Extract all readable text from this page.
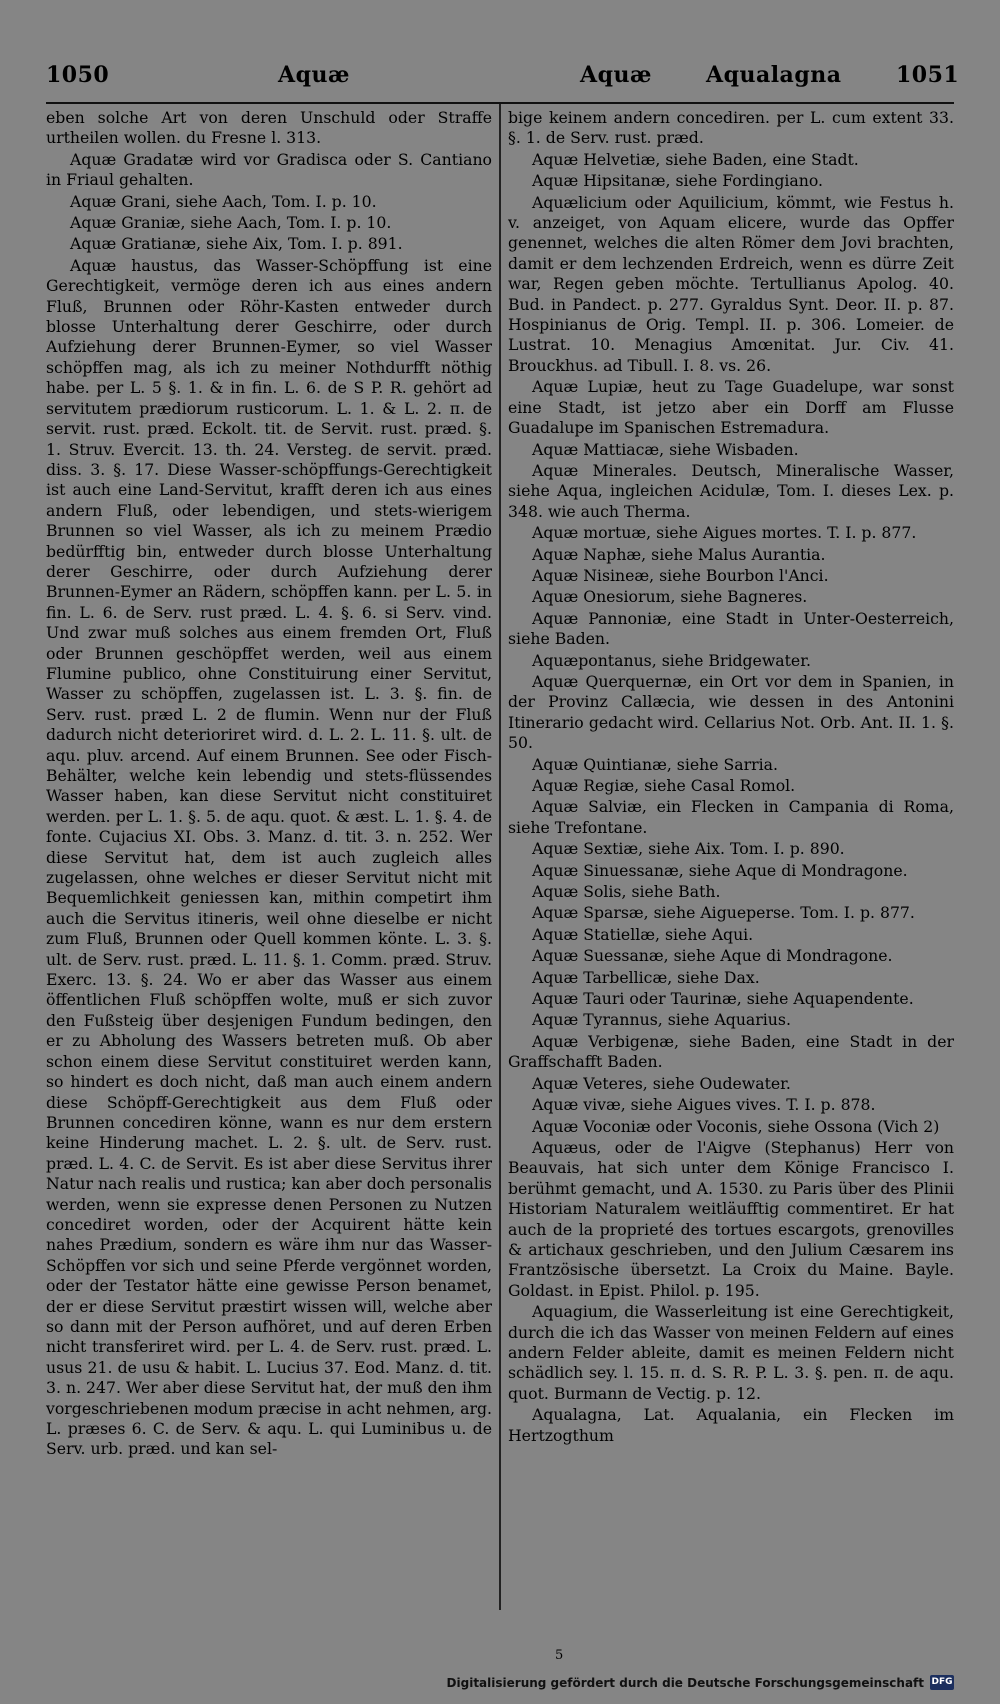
1050	Aquæ	Aquæ Aqualagna 1051

eben solche Art von deren Unschuld oder Straffe urtheilen wollen. du Fresne l. 313.

Aquæ Gradatæ wird vor Gradisca oder S. Cantiano in Friaul gehalten.

Aquæ Grani, siehe Aach, Tom. I. p. 10.

Aquæ Graniæ, siehe Aach, Tom. I. p. 10.

Aquæ Gratianæ, siehe Aix, Tom. I. p. 891.

Aquæ haustus, das Wasser-Schöpffung ist eine Gerechtigkeit, vermöge deren ich aus eines andern Fluß, Brunnen oder Röhr-Kasten entweder durch blosse Unterhaltung derer Geschirre, oder durch Aufziehung derer Brunnen-Eymer, so viel Wasser schöpffen mag, als ich zu meiner Nothdurfft nöthig habe. per L. 5 §. 1. & in fin. L. 6. de S P. R. gehört ad servitutem prædiorum rusticorum. L. 1. & L. 2. π. de servit. rust. præd. Eckolt. tit. de Servit. rust. præd. §. 1. Struv. Evercit. 13. th. 24. Versteg. de servit. præd. diss. 3. §. 17. Diese Wasser-schöpffungs-Gerechtigkeit ist auch eine Land-Servitut, krafft deren ich aus eines andern Fluß, oder lebendigen, und stets-wierigem Brunnen so viel Wasser, als ich zu meinem Prædio bedürfftig bin, entweder durch blosse Unterhaltung derer Geschirre, oder durch Aufziehung derer Brunnen-Eymer an Rädern, schöpffen kann. per L. 5. in fin. L. 6. de Serv. rust præd. L. 4. §. 6. si Serv. vind. Und zwar muß solches aus einem fremden Ort, Fluß oder Brunnen geschöpffet werden, weil aus einem Flumine publico, ohne Constituirung einer Servitut, Wasser zu schöpffen, zugelassen ist. L. 3. §. fin. de Serv. rust. præd L. 2 de flumin. Wenn nur der Fluß dadurch nicht deterioriret wird. d. L. 2. L. 11. §. ult. de aqu. pluv. arcend. Auf einem Brunnen. See oder Fisch-Behälter, welche kein lebendig und stets-flüssendes Wasser haben, kan diese Servitut nicht constituiret werden. per L. 1. §. 5. de aqu. quot. & æst. L. 1. §. 4. de fonte. Cujacius XI. Obs. 3. Manz. d. tit. 3. n. 252. Wer diese Servitut hat, dem ist auch zugleich alles zugelassen, ohne welches er dieser Servitut nicht mit Bequemlichkeit geniessen kan, mithin competirt ihm auch die Servitus itineris, weil ohne dieselbe er nicht zum Fluß, Brunnen oder Quell kommen könte. L. 3. §. ult. de Serv. rust. præd. L. 11. §. 1. Comm. præd. Struv. Exerc. 13. §. 24. Wo er aber das Wasser aus einem öffentlichen Fluß schöpffen wolte, muß er sich zuvor den Fußsteig über desjenigen Fundum bedingen, den er zu Abholung des Wassers betreten muß. Ob aber schon einem diese Servitut constituiret werden kann, so hindert es doch nicht, daß man auch einem andern diese Schöpff-Gerechtigkeit aus dem Fluß oder Brunnen concediren könne, wann es nur dem erstern keine Hinderung machet. L. 2. §. ult. de Serv. rust. præd. L. 4. C. de Servit. Es ist aber diese Servitus ihrer Natur nach realis und rustica; kan aber doch personalis werden, wenn sie expresse denen Personen zu Nutzen concediret worden, oder der Acquirent hätte kein nahes Prædium, sondern es wäre ihm nur das Wasser-Schöpffen vor sich und seine Pferde vergönnet worden, oder der Testator hätte eine gewisse Person benamet, der er diese Servitut præstirt wissen will, welche aber so dann mit der Person aufhöret, und auf deren Erben nicht transferiret wird. per L. 4. de Serv. rust. præd. L. usus 21. de usu & habit. L. Lucius 37. Eod. Manz. d. tit. 3. n. 247. Wer aber diese Servitut hat, der muß den ihm vorgeschriebenen modum præcise in acht nehmen, arg. L. præses 6. C. de Serv. & aqu. L. qui Luminibus u. de Serv. urb. præd. und kan sel-

bige keinem andern concediren. per L. cum extent 33. §. 1. de Serv. rust. præd.

Aquæ Helvetiæ, siehe Baden, eine Stadt.

Aquæ Hipsitanæ, siehe Fordingiano.

Aquælicium oder Aquilicium, kömmt, wie Festus h. v. anzeiget, von Aquam elicere, wurde das Opffer genennet, welches die alten Römer dem Jovi brachten, damit er dem lechzenden Erdreich, wenn es dürre Zeit war, Regen geben möchte. Tertullianus Apolog. 40. Bud. in Pandect. p. 277. Gyraldus Synt. Deor. II. p. 87. Hospinianus de Orig. Templ. II. p. 306. Lomeier. de Lustrat. 10. Menagius Amœnitat. Jur. Civ. 41. Brouckhus. ad Tibull. I. 8. vs. 26.

Aquæ Lupiæ, heut zu Tage Guadelupe, war sonst eine Stadt, ist jetzo aber ein Dorff am Flusse Guadalupe im Spanischen Estremadura.

Aquæ Mattiacæ, siehe Wisbaden.

Aquæ Minerales. Deutsch, Mineralische Wasser, siehe Aqua, ingleichen Acidulæ, Tom. I. dieses Lex. p. 348. wie auch Therma.

Aquæ mortuæ, siehe Aigues mortes. T. I. p. 877.

Aquæ Naphæ, siehe Malus Aurantia.

Aquæ Nisineæ, siehe Bourbon l'Anci.

Aquæ Onesiorum, siehe Bagneres.

Aquæ Pannoniæ, eine Stadt in Unter-Oesterreich, siehe Baden.

Aquæpontanus, siehe Bridgewater.

Aquæ Querquernæ, ein Ort vor dem in Spanien, in der Provinz Callæcia, wie dessen in des Antonini Itinerario gedacht wird. Cellarius Not. Orb. Ant. II. 1. §. 50.

Aquæ Quintianæ, siehe Sarria.

Aquæ Regiæ, siehe Casal Romol.

Aquæ Salviæ, ein Flecken in Campania di Roma, siehe Trefontane.

Aquæ Sextiæ, siehe Aix. Tom. I. p. 890.

Aquæ Sinuessanæ, siehe Aque di Mondragone.

Aquæ Solis, siehe Bath.

Aquæ Sparsæ, siehe Aigueperse. Tom. I. p. 877.

Aquæ Statiellæ, siehe Aqui.

Aquæ Suessanæ, siehe Aque di Mondragone.

Aquæ Tarbellicæ, siehe Dax.

Aquæ Tauri oder Taurinæ, siehe Aquapendente.

Aquæ Tyrannus, siehe Aquarius.

Aquæ Verbigenæ, siehe Baden, eine Stadt in der Graffschafft Baden.

Aquæ Veteres, siehe Oudewater.

Aquæ vivæ, siehe Aigues vives. T. I. p. 878.

Aquæ Voconiæ oder Voconis, siehe Ossona (Vich 2)

Aquæus, oder de l'Aigve (Stephanus) Herr von Beauvais, hat sich unter dem Könige Francisco I. berühmt gemacht, und A. 1530. zu Paris über des Plinii Historiam Naturalem weitläufftig commentiret. Er hat auch de la proprieté des tortues escargots, grenovilles & artichaux geschrieben, und den Julium Cæsarem ins Frantzösische übersetzt. La Croix du Maine. Bayle. Goldast. in Epist. Philol. p. 195.

Aquagium, die Wasserleitung ist eine Gerechtigkeit, durch die ich das Wasser von meinen Feldern auf eines andern Felder ableite, damit es meinen Feldern nicht schädlich sey. l. 15. π. d. S. R. P. L. 3. §. pen. π. de aqu. quot. Burmann de Vectig. p. 12.

Aqualagna, Lat. Aqualania, ein Flecken im Hertzogthum

5
Digitalisierung gefördert durch die Deutsche Forschungsgemeinschaft DFG
